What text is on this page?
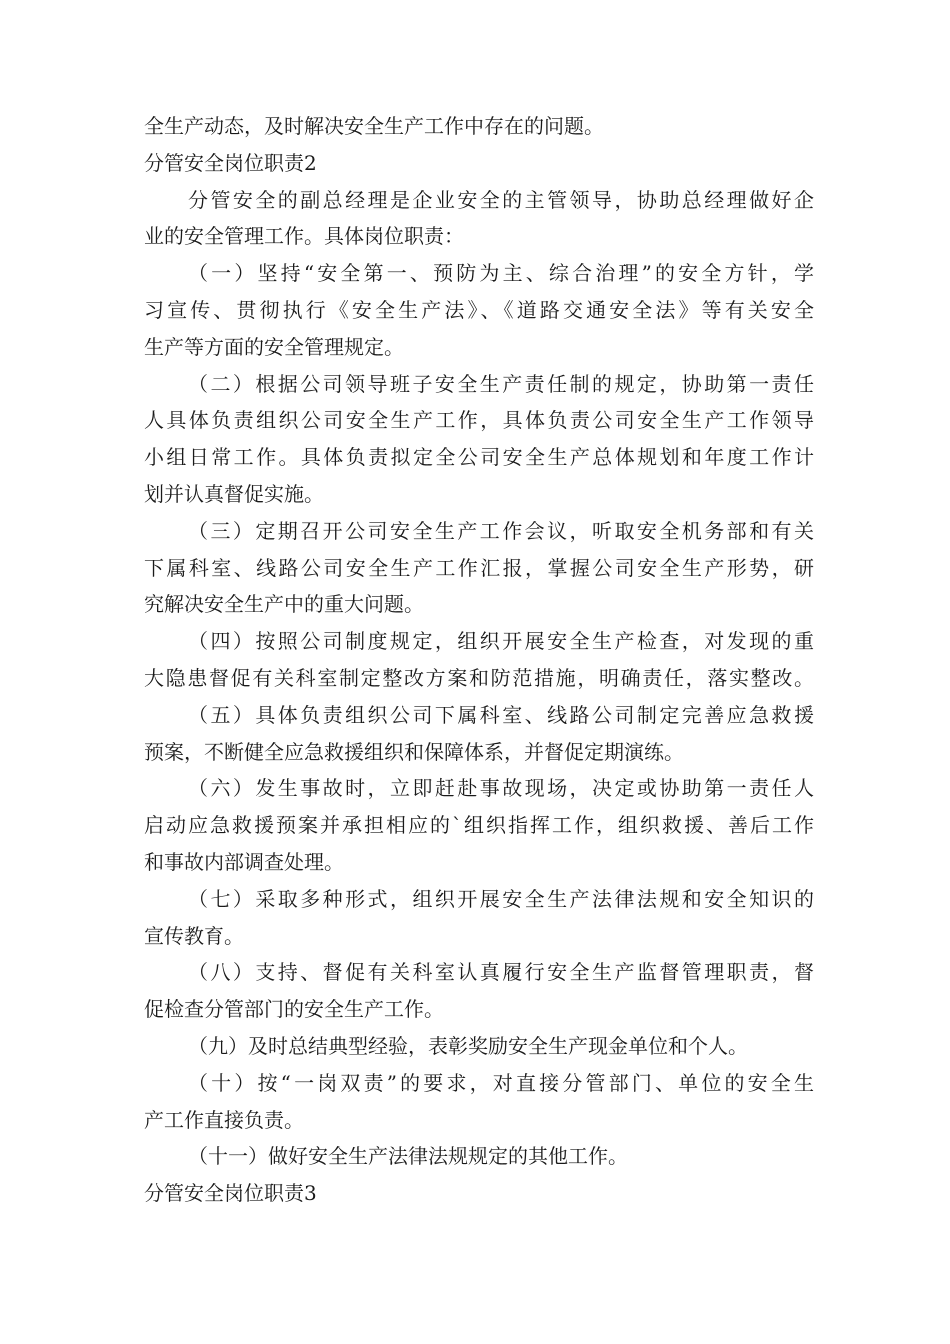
全生产动态，及时解决安全生产工作中存在的问题。
分管安全岗位职责2
分管安全的副总经理是企业安全的主管领导，协助总经理做好企
业的安全管理工作。具体岗位职责：
（一）坚持“安全第一、预防为主、综合治理”的安全方针，学
习宣传、贯彻执行《安全生产法》、《道路交通安全法》等有关安全
生产等方面的安全管理规定。
（二）根据公司领导班子安全生产责任制的规定，协助第一责任
人具体负责组织公司安全生产工作，具体负责公司安全生产工作领导
小组日常工作。具体负责拟定全公司安全生产总体规划和年度工作计
划并认真督促实施。
（三）定期召开公司安全生产工作会议，听取安全机务部和有关
下属科室、线路公司安全生产工作汇报，掌握公司安全生产形势，研
究解决安全生产中的重大问题。
（四）按照公司制度规定，组织开展安全生产检查，对发现的重
大隐患督促有关科室制定整改方案和防范措施，明确责任，落实整改。
（五）具体负责组织公司下属科室、线路公司制定完善应急救援
预案，不断健全应急救援组织和保障体系，并督促定期演练。
（六）发生事故时，立即赶赴事故现场，决定或协助第一责任人
启动应急救援预案并承担相应的`组织指挥工作，组织救援、善后工作
和事故内部调查处理。
（七）采取多种形式，组织开展安全生产法律法规和安全知识的
宣传教育。
（八）支持、督促有关科室认真履行安全生产监督管理职责，督
促检查分管部门的安全生产工作。
（九）及时总结典型经验，表彰奖励安全生产现金单位和个人。
（十）按“一岗双责”的要求，对直接分管部门、单位的安全生
产工作直接负责。
（十一）做好安全生产法律法规规定的其他工作。
分管安全岗位职责3
